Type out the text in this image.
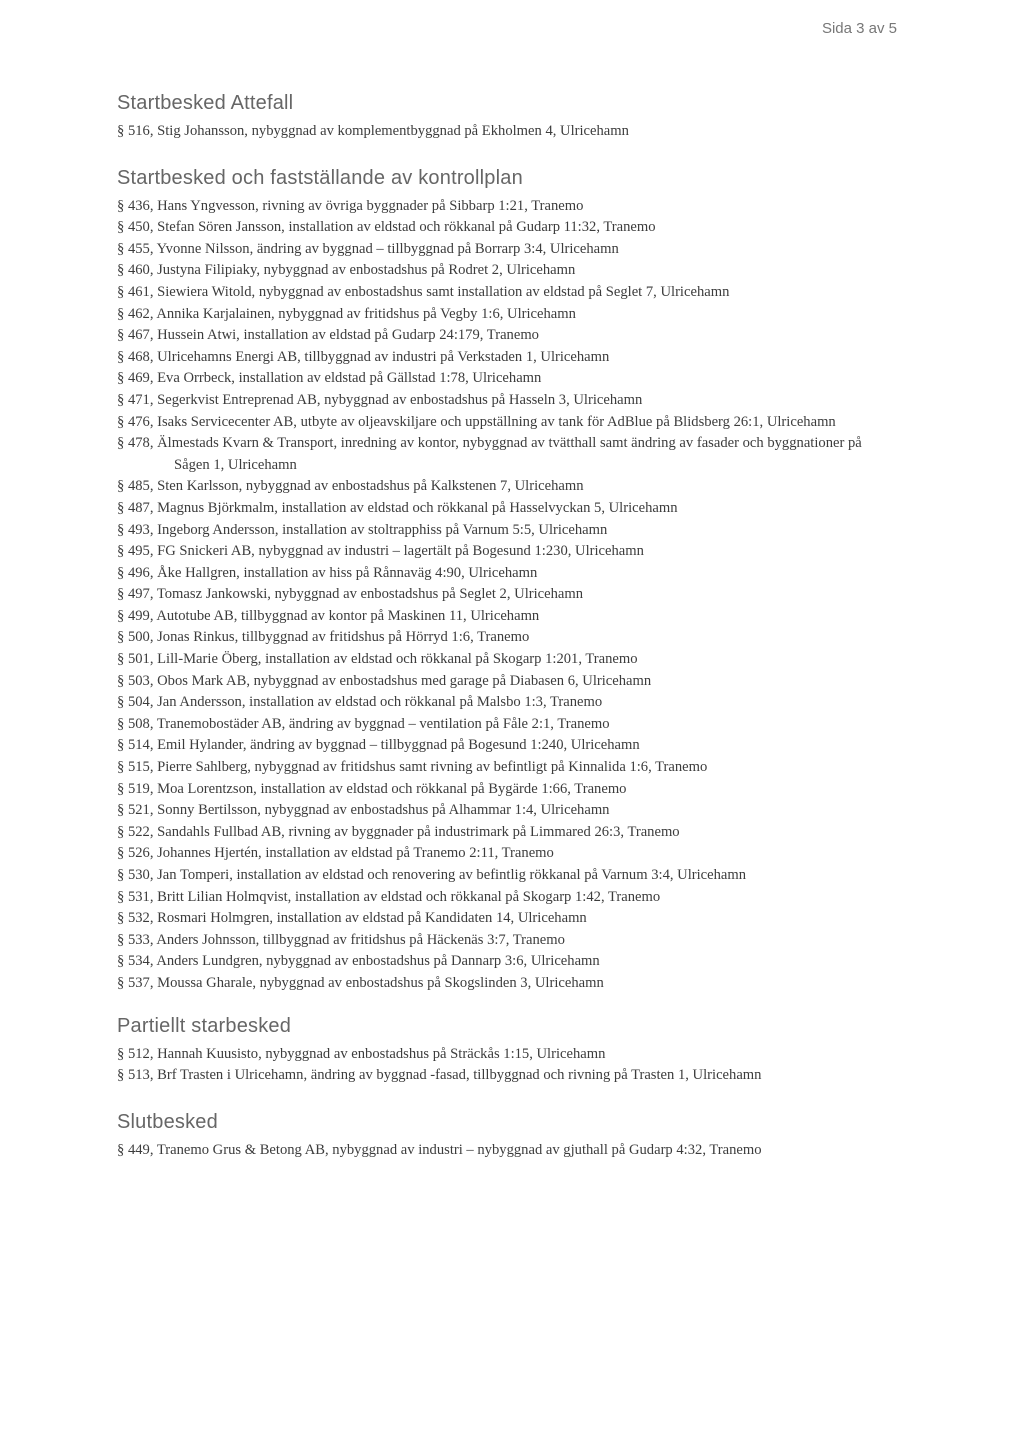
Sida 3 av 5
Startbesked Attefall
§ 516, Stig Johansson, nybyggnad av komplementbyggnad på Ekholmen 4, Ulricehamn
Startbesked och fastställande av kontrollplan
§ 436, Hans Yngvesson, rivning av övriga byggnader på Sibbarp 1:21, Tranemo
§ 450, Stefan Sören Jansson, installation av eldstad och rökkanal på Gudarp 11:32, Tranemo
§ 455, Yvonne Nilsson, ändring av byggnad – tillbyggnad på Borrarp 3:4, Ulricehamn
§ 460, Justyna Filipiaky, nybyggnad av enbostadshus på Rodret 2, Ulricehamn
§ 461, Siewiera Witold, nybyggnad av enbostadshus samt installation av eldstad på Seglet 7, Ulricehamn
§ 462, Annika Karjalainen, nybyggnad av fritidshus på Vegby 1:6, Ulricehamn
§ 467, Hussein Atwi, installation av eldstad på Gudarp 24:179, Tranemo
§ 468, Ulricehamns Energi AB, tillbyggnad av industri på Verkstaden 1, Ulricehamn
§ 469, Eva Orrbeck, installation av eldstad på Gällstad 1:78, Ulricehamn
§ 471, Segerkvist Entreprenad AB, nybyggnad av enbostadshus på Hasseln 3, Ulricehamn
§ 476, Isaks Servicecenter AB, utbyte av oljeavskiljare och uppställning av tank för AdBlue på Blidsberg 26:1, Ulricehamn
§ 478, Älmestads Kvarn & Transport, inredning av kontor, nybyggnad av tvätthall samt ändring av fasader och byggnationer på Sågen 1, Ulricehamn
§ 485, Sten Karlsson, nybyggnad av enbostadshus på Kalkstenen 7, Ulricehamn
§ 487, Magnus Björkmalm, installation av eldstad och rökkanal på Hasselvyckan 5, Ulricehamn
§ 493, Ingeborg Andersson, installation av stoltrapphiss på Varnum 5:5, Ulricehamn
§ 495, FG Snickeri AB, nybyggnad av industri – lagertält på Bogesund 1:230, Ulricehamn
§ 496, Åke Hallgren, installation av hiss på Rånnaväg 4:90, Ulricehamn
§ 497, Tomasz Jankowski, nybyggnad av enbostadshus på Seglet 2, Ulricehamn
§ 499, Autotube AB, tillbyggnad av kontor på Maskinen 11, Ulricehamn
§ 500, Jonas Rinkus, tillbyggnad av fritidshus på Hörryd 1:6, Tranemo
§ 501, Lill-Marie Öberg, installation av eldstad och rökkanal på Skogarp 1:201, Tranemo
§ 503, Obos Mark AB, nybyggnad av enbostadshus med garage på Diabasen 6, Ulricehamn
§ 504, Jan Andersson, installation av eldstad och rökkanal på Malsbo 1:3, Tranemo
§ 508, Tranemobostäder AB, ändring av byggnad – ventilation på Fåle 2:1, Tranemo
§ 514, Emil Hylander, ändring av byggnad – tillbyggnad på Bogesund 1:240, Ulricehamn
§ 515, Pierre Sahlberg, nybyggnad av fritidshus samt rivning av befintligt på Kinnalida 1:6, Tranemo
§ 519, Moa Lorentzson, installation av eldstad och rökkanal på Bygärde 1:66, Tranemo
§ 521, Sonny Bertilsson, nybyggnad av enbostadshus på Alhammar 1:4, Ulricehamn
§ 522, Sandahls Fullbad AB, rivning av byggnader på industrimark på Limmared 26:3, Tranemo
§ 526, Johannes Hjertén, installation av eldstad på Tranemo 2:11, Tranemo
§ 530, Jan Tomperi, installation av eldstad och renovering av befintlig rökkanal på Varnum 3:4, Ulricehamn
§ 531, Britt Lilian Holmqvist, installation av eldstad och rökkanal på Skogarp 1:42, Tranemo
§ 532, Rosmari Holmgren, installation av eldstad på Kandidaten 14, Ulricehamn
§ 533, Anders Johnsson, tillbyggnad av fritidshus på Häckenäs 3:7, Tranemo
§ 534, Anders Lundgren, nybyggnad av enbostadshus på Dannarp 3:6, Ulricehamn
§ 537, Moussa Gharale, nybyggnad av enbostadshus på Skogslinden 3, Ulricehamn
Partiellt starbesked
§ 512, Hannah Kuusisto, nybyggnad av enbostadshus på Sträckås 1:15, Ulricehamn
§ 513, Brf Trasten i Ulricehamn, ändring av byggnad -fasad, tillbyggnad och rivning på Trasten 1, Ulricehamn
Slutbesked
§ 449, Tranemo Grus & Betong AB, nybyggnad av industri – nybyggnad av gjuthall på Gudarp 4:32, Tranemo
